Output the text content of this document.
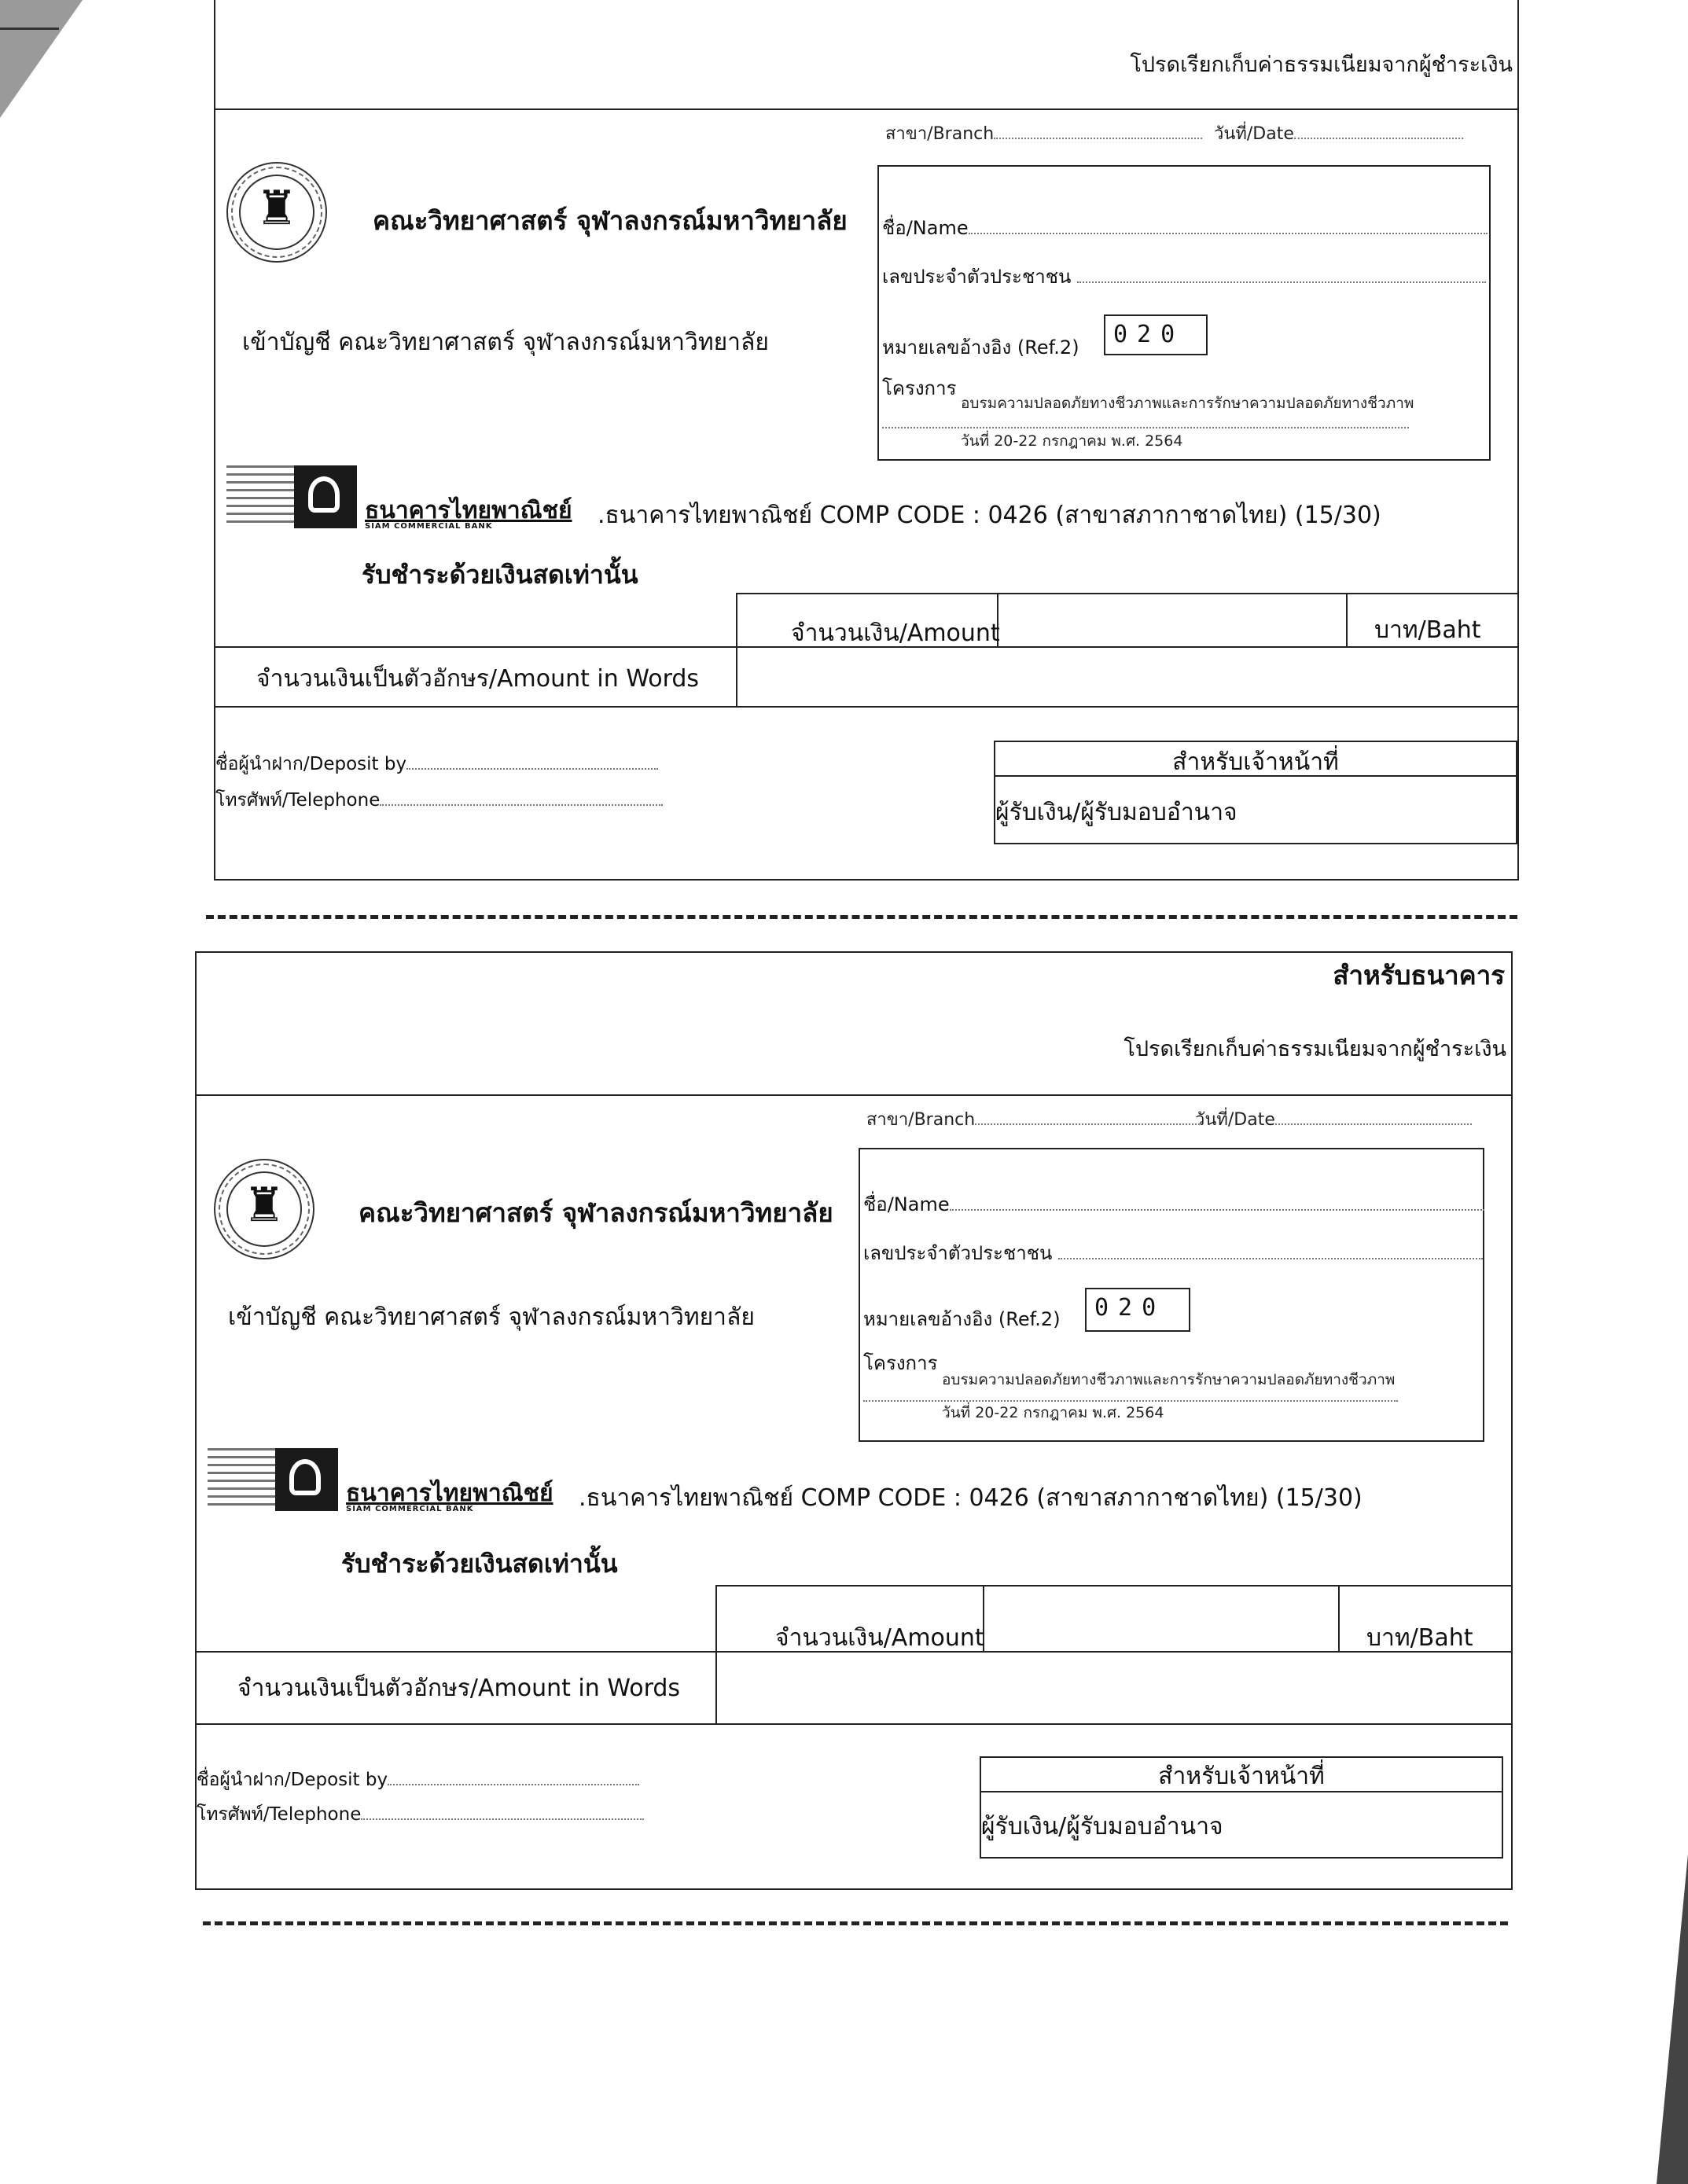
โปรดเรียกเก็บค่าธรรมเนียมจากผู้ชำระเงิน
สาขา/Branch	วันที่/Date
♜	คณะวิทยาศาสตร์ จุฬาลงกรณ์มหาวิทยาลัย
เข้าบัญชี คณะวิทยาศาสตร์ จุฬาลงกรณ์มหาวิทยาลัย
ชื่อ/Name
เลขประจำตัวประชาชน
หมายเลขอ้างอิง (Ref.2) 020
โครงการ
อบรมความปลอดภัยทางชีวภาพและการรักษาความปลอดภัยทางชีวภาพ
วันที่ 20-22 กรกฎาคม พ.ศ. 2564
ธนาคารไทยพาณิชย์
SIAM COMMERCIAL BANK	.ธนาคารไทยพาณิชย์ COMP CODE : 0426 (สาขาสภากาชาดไทย) (15/30)
รับชำระด้วยเงินสดเท่านั้น
จำนวนเงิน/Amount	บาท/Baht
จำนวนเงินเป็นตัวอักษร/Amount in Words
ชื่อผู้นำฝาก/Deposit by
โทรศัพท์/Telephone
สำหรับเจ้าหน้าที่
ผู้รับเงิน/ผู้รับมอบอำนาจ
สำหรับธนาคาร
โปรดเรียกเก็บค่าธรรมเนียมจากผู้ชำระเงิน
สาขา/Branch	วันที่/Date
♜	คณะวิทยาศาสตร์ จุฬาลงกรณ์มหาวิทยาลัย
เข้าบัญชี คณะวิทยาศาสตร์ จุฬาลงกรณ์มหาวิทยาลัย
ชื่อ/Name
เลขประจำตัวประชาชน
หมายเลขอ้างอิง (Ref.2) 020
โครงการ
อบรมความปลอดภัยทางชีวภาพและการรักษาความปลอดภัยทางชีวภาพ
วันที่ 20-22 กรกฎาคม พ.ศ. 2564
ธนาคารไทยพาณิชย์
SIAM COMMERCIAL BANK	.ธนาคารไทยพาณิชย์ COMP CODE : 0426 (สาขาสภากาชาดไทย) (15/30)
รับชำระด้วยเงินสดเท่านั้น
จำนวนเงิน/Amount	บาท/Baht
จำนวนเงินเป็นตัวอักษร/Amount in Words
ชื่อผู้นำฝาก/Deposit by
โทรศัพท์/Telephone
สำหรับเจ้าหน้าที่
ผู้รับเงิน/ผู้รับมอบอำนาจ
